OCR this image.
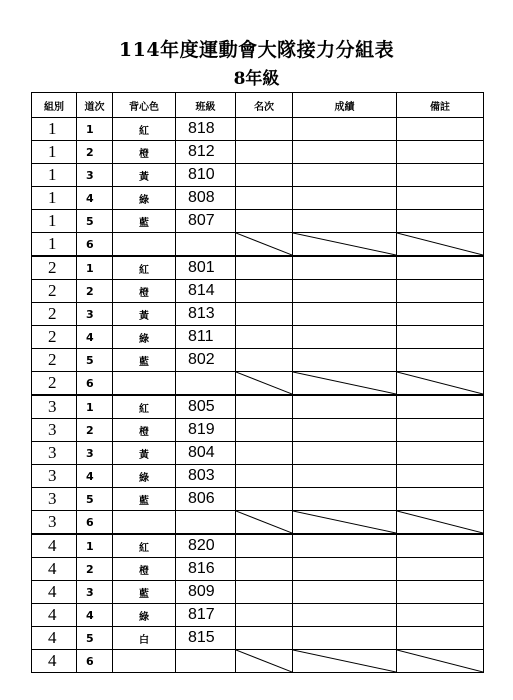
114年度運動會大隊接力分組表
8年級
組別	道次	背心色	班級	名次	成績	備註
1	1	紅	818			
1	2	橙	812			
1	3	黃	810			
1	4	綠	808			
1	5	藍	807			
1	6			

2	1	紅	801			
2	2	橙	814			
2	3	黃	813			
2	4	綠	811			
2	5	藍	802			
2	6			

3	1	紅	805			
3	2	橙	819			
3	3	黃	804			
3	4	綠	803			
3	5	藍	806			
3	6			

4	1	紅	820			
4	2	橙	816			
4	3	藍	809			
4	4	綠	817			
4	5	白	815			
4	6			
